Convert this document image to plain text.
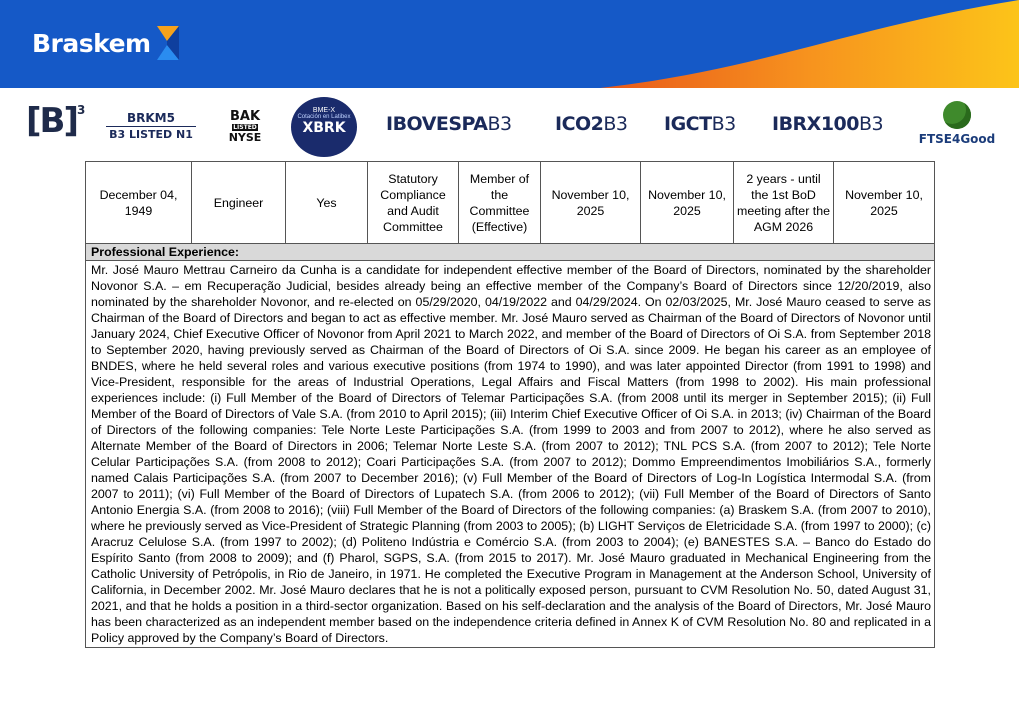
Braskem
$[B]^3$
BRKM5
B3 LISTED N1
BAK
LISTED
NYSE
BME-X
Cotación en Latibex
XBRK	IBOVESPAB3 ICO2B3 IGCTB3 IBRX100B3
FTSE4Good
December 04, 1949	Engineer	Yes	Statutory Compliance and Audit Committee	Member of the Committee (Effective)	November 10, 2025	November 10, 2025	2 years - until the 1st BoD meeting after the AGM 2026	November 10, 2025
Professional Experience:
Mr. José Mauro Mettrau Carneiro da Cunha is a candidate for independent effective member of the Board of Directors, nominated by the shareholder Novonor S.A. – em Recuperação Judicial, besides already being an effective member of the Company’s Board of Directors since 12/20/2019, also nominated by the shareholder Novonor, and re-elected on 05/29/2020, 04/19/2022 and 04/29/2024. On 02/03/2025, Mr. José Mauro ceased to serve as Chairman of the Board of Directors and began to act as effective member. Mr. José Mauro served as Chairman of the Board of Directors of Novonor until January 2024, Chief Executive Officer of Novonor from April 2021 to March 2022, and member of the Board of Directors of Oi S.A. from September 2018 to September 2020, having previously served as Chairman of the Board of Directors of Oi S.A. since 2009. He began his career as an employee of BNDES, where he held several roles and various executive positions (from 1974 to 1990), and was later appointed Director (from 1991 to 1998) and Vice-President, responsible for the areas of Industrial Operations, Legal Affairs and Fiscal Matters (from 1998 to 2002). His main professional experiences include: (i) Full Member of the Board of Directors of Telemar Participações S.A. (from 2008 until its merger in September 2015); (ii) Full Member of the Board of Directors of Vale S.A. (from 2010 to April 2015); (iii) Interim Chief Executive Officer of Oi S.A. in 2013; (iv) Chairman of the Board of Directors of the following companies: Tele Norte Leste Participações S.A. (from 1999 to 2003 and from 2007 to 2012), where he also served as Alternate Member of the Board of Directors in 2006; Telemar Norte Leste S.A. (from 2007 to 2012); TNL PCS S.A. (from 2007 to 2012); Tele Norte Celular Participações S.A. (from 2008 to 2012); Coari Participações S.A. (from 2007 to 2012); Dommo Empreendimentos Imobiliários S.A., formerly named Calais Participações S.A. (from 2007 to December 2016); (v) Full Member of the Board of Directors of Log-In Logística Intermodal S.A. (from 2007 to 2011); (vi) Full Member of the Board of Directors of Lupatech S.A. (from 2006 to 2012); (vii) Full Member of the Board of Directors of Santo Antonio Energia S.A. (from 2008 to 2016); (viii) Full Member of the Board of Directors of the following companies: (a) Braskem S.A. (from 2007 to 2010), where he previously served as Vice-President of Strategic Planning (from 2003 to 2005); (b) LIGHT Serviços de Eletricidade S.A. (from 1997 to 2000); (c) Aracruz Celulose S.A. (from 1997 to 2002); (d) Politeno Indústria e Comércio S.A. (from 2003 to 2004); (e) BANESTES S.A. – Banco do Estado do Espírito Santo (from 2008 to 2009); and (f) Pharol, SGPS, S.A. (from 2015 to 2017). Mr. José Mauro graduated in Mechanical Engineering from the Catholic University of Petrópolis, in Rio de Janeiro, in 1971. He completed the Executive Program in Management at the Anderson School, University of California, in December 2002. Mr. José Mauro declares that he is not a politically exposed person, pursuant to CVM Resolution No. 50, dated August 31, 2021, and that he holds a position in a third-sector organization. Based on his self-declaration and the analysis of the Board of Directors, Mr. José Mauro has been characterized as an independent member based on the independence criteria defined in Annex K of CVM Resolution No. 80 and replicated in a Policy approved by the Company’s Board of Directors.
